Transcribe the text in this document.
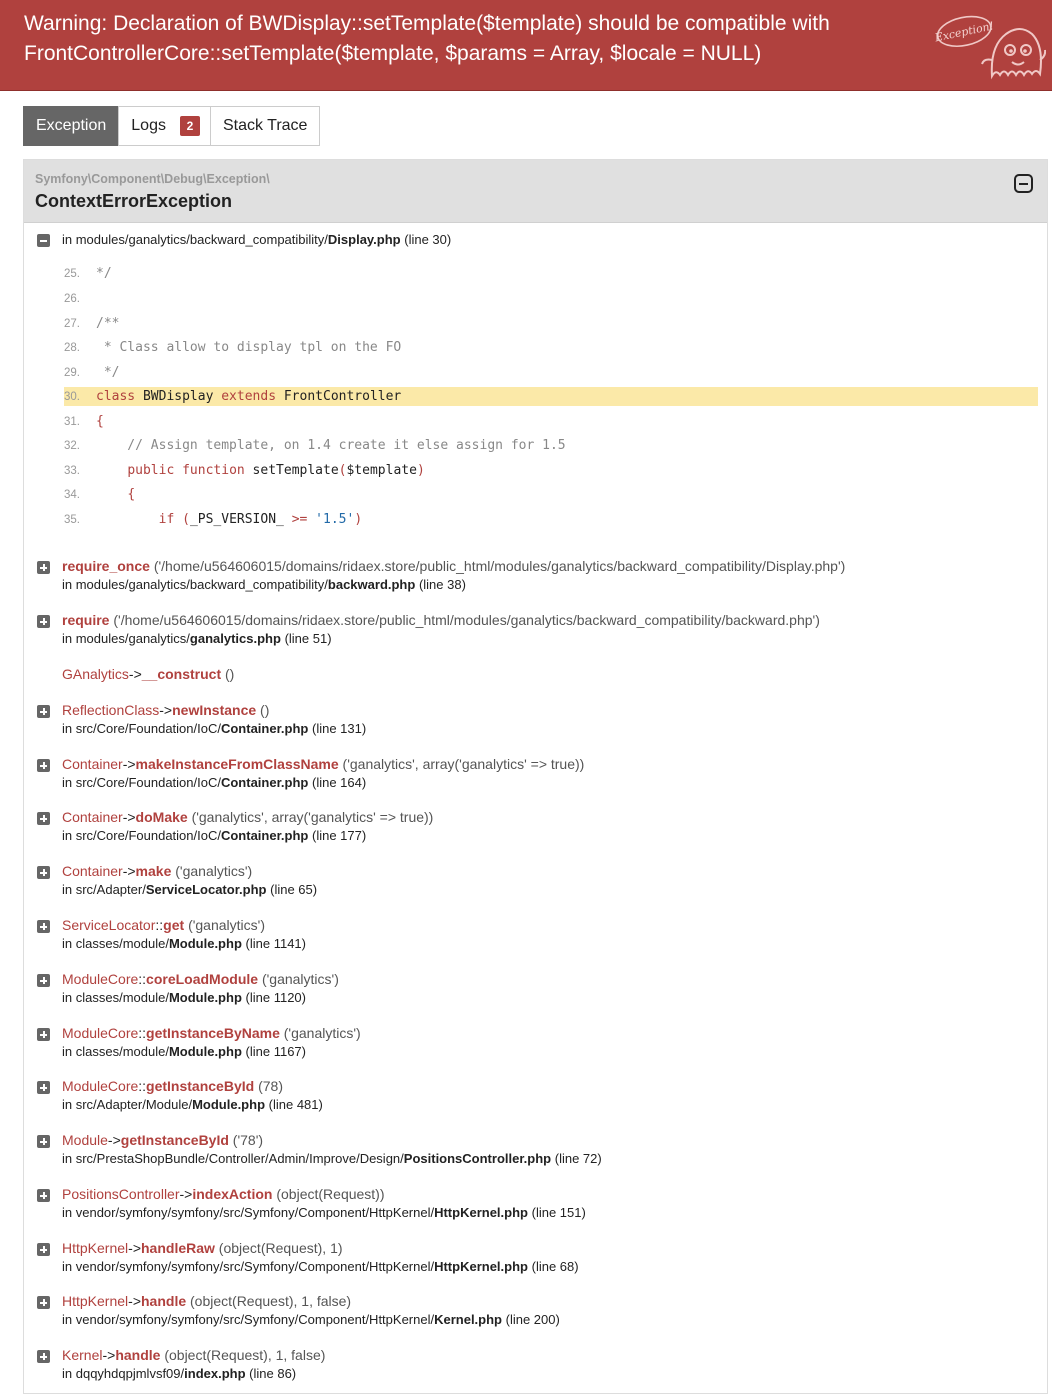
Warning: Declaration of BWDisplay::setTemplate($template) should be compatible with FrontControllerCore::setTemplate($template, $params = Array, $locale = NULL)
Exception!
Exception Logs	2	Stack Trace
Symfony\Component\Debug\Exception\
ContextErrorException
in modules/ganalytics/backward_compatibility/Display.php (line 30)
25. */
26.
27. /**
28. * Class allow to display tpl on the FO
29. */
30. class BWDisplay extends FrontController
31. {
32.    // Assign template, on 1.4 create it else assign for 1.5
33.	public function setTemplate($template)
34.	{
35.	if (_PS_VERSION_ >= '1.5')
require_once ('/home/u564606015/domains/ridaex.store/public_html/modules/ganalytics/backward_compatibility/Display.php')
in modules/ganalytics/backward_compatibility/backward.php (line 38)
require ('/home/u564606015/domains/ridaex.store/public_html/modules/ganalytics/backward_compatibility/backward.php')
in modules/ganalytics/ganalytics.php (line 51)
GAnalytics->__construct ()
ReflectionClass->newInstance ()
in src/Core/Foundation/IoC/Container.php (line 131)
Container->makeInstanceFromClassName ('ganalytics', array('ganalytics' => true))
in src/Core/Foundation/IoC/Container.php (line 164)
Container->doMake ('ganalytics', array('ganalytics' => true))
in src/Core/Foundation/IoC/Container.php (line 177)
Container->make ('ganalytics')
in src/Adapter/ServiceLocator.php (line 65)
ServiceLocator::get ('ganalytics')
in classes/module/Module.php (line 1141)
ModuleCore::coreLoadModule ('ganalytics')
in classes/module/Module.php (line 1120)
ModuleCore::getInstanceByName ('ganalytics')
in classes/module/Module.php (line 1167)
ModuleCore::getInstanceById (78)
in src/Adapter/Module/Module.php (line 481)
Module->getInstanceById ('78')
in src/PrestaShopBundle/Controller/Admin/Improve/Design/PositionsController.php (line 72)
PositionsController->indexAction (object(Request))
in vendor/symfony/symfony/src/Symfony/Component/HttpKernel/HttpKernel.php (line 151)
HttpKernel->handleRaw (object(Request), 1)
in vendor/symfony/symfony/src/Symfony/Component/HttpKernel/HttpKernel.php (line 68)
HttpKernel->handle (object(Request), 1, false)
in vendor/symfony/symfony/src/Symfony/Component/HttpKernel/Kernel.php (line 200)
Kernel->handle (object(Request), 1, false)
in dqqyhdqpjmlvsf09/index.php (line 86)
